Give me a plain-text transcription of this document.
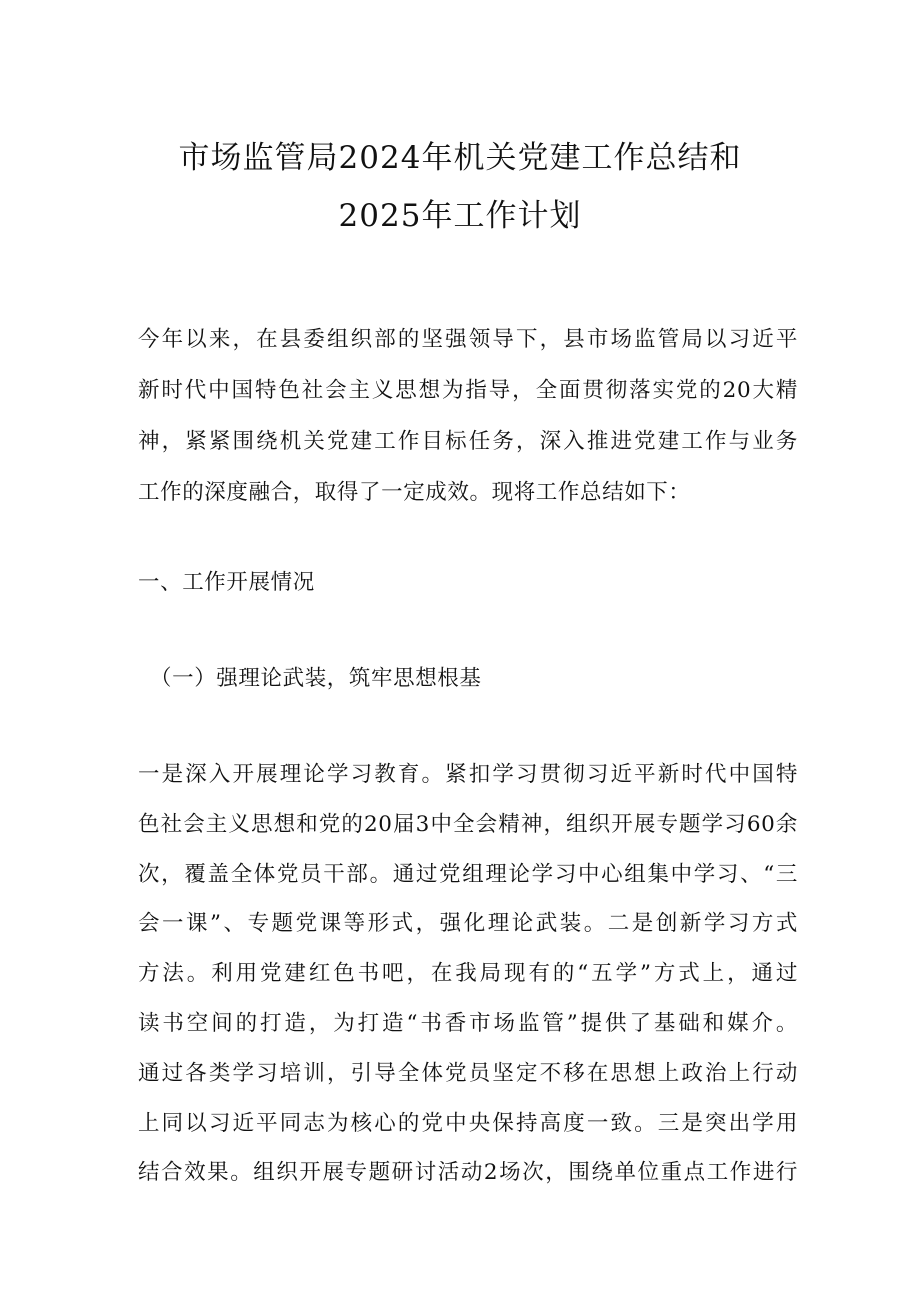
市场监管局2024年机关党建工作总结和
2025年工作计划
今年以来，在县委组织部的坚强领导下，县市场监管局以习近平
新时代中国特色社会主义思想为指导，全面贯彻落实党的20大精
神，紧紧围绕机关党建工作目标任务，深入推进党建工作与业务
工作的深度融合，取得了一定成效。现将工作总结如下：
一、工作开展情况
（一）强理论武装，筑牢思想根基
一是深入开展理论学习教育。紧扣学习贯彻习近平新时代中国特
色社会主义思想和党的20届3中全会精神，组织开展专题学习60余
次，覆盖全体党员干部。通过党组理论学习中心组集中学习、“三
会一课”、专题党课等形式，强化理论武装。二是创新学习方式
方法。利用党建红色书吧，在我局现有的“五学”方式上，通过
读书空间的打造，为打造“书香市场监管”提供了基础和媒介。
通过各类学习培训，引导全体党员坚定不移在思想上政治上行动
上同以习近平同志为核心的党中央保持高度一致。三是突出学用
结合效果。组织开展专题研讨活动2场次，围绕单位重点工作进行
